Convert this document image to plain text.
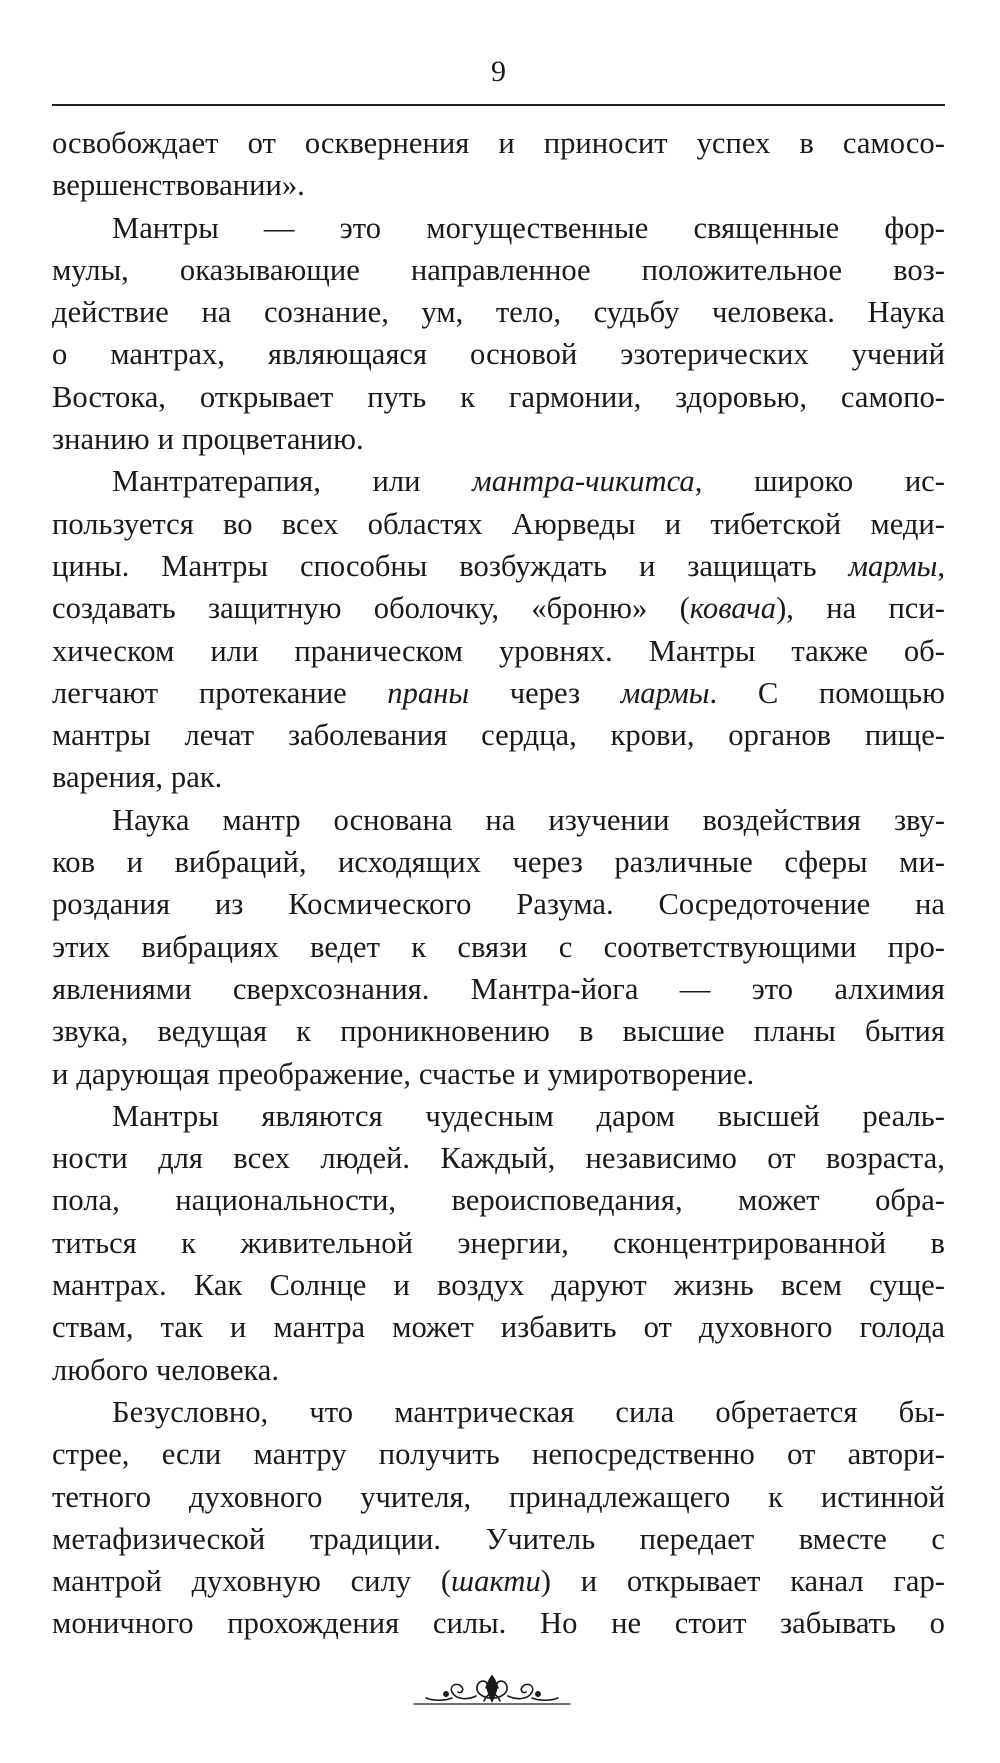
9
освобождает от осквернения и приносит успех в самосо-
вершенствовании».
Мантры — это могущественные священные фор-
мулы, оказывающие направленное положительное воз-
действие на сознание, ум, тело, судьбу человека. Наука
о мантрах, являющаяся основой эзотерических учений
Востока, открывает путь к гармонии, здоровью, самопо-
знанию и процветанию.
Мантратерапия, или мантра-чикитса, широко ис-
пользуется во всех областях Аюрведы и тибетской меди-
цины. Мантры способны возбуждать и защищать мармы,
создавать защитную оболочку, «броню» (ковача), на пси-
хическом или праническом уровнях. Мантры также об-
легчают протекание праны через мармы. С помощью
мантры лечат заболевания сердца, крови, органов пище-
варения, рак.
Наука мантр основана на изучении воздействия зву-
ков и вибраций, исходящих через различные сферы ми-
роздания из Космического Разума. Сосредоточение на
этих вибрациях ведет к связи с соответствующими про-
явлениями сверхсознания. Мантра-йога — это алхимия
звука, ведущая к проникновению в высшие планы бытия
и дарующая преображение, счастье и умиротворение.
Мантры являются чудесным даром высшей реаль-
ности для всех людей. Каждый, независимо от возраста,
пола, национальности, вероисповедания, может обра-
титься к живительной энергии, сконцентрированной в
мантрах. Как Солнце и воздух даруют жизнь всем суще-
ствам, так и мантра может избавить от духовного голода
любого человека.
Безусловно, что мантрическая сила обретается бы-
стрее, если мантру получить непосредственно от автори-
тетного духовного учителя, принадлежащего к истинной
метафизической традиции. Учитель передает вместе с
мантрой духовную силу (шакти) и открывает канал гар-
моничного прохождения силы. Но не стоит забывать о
